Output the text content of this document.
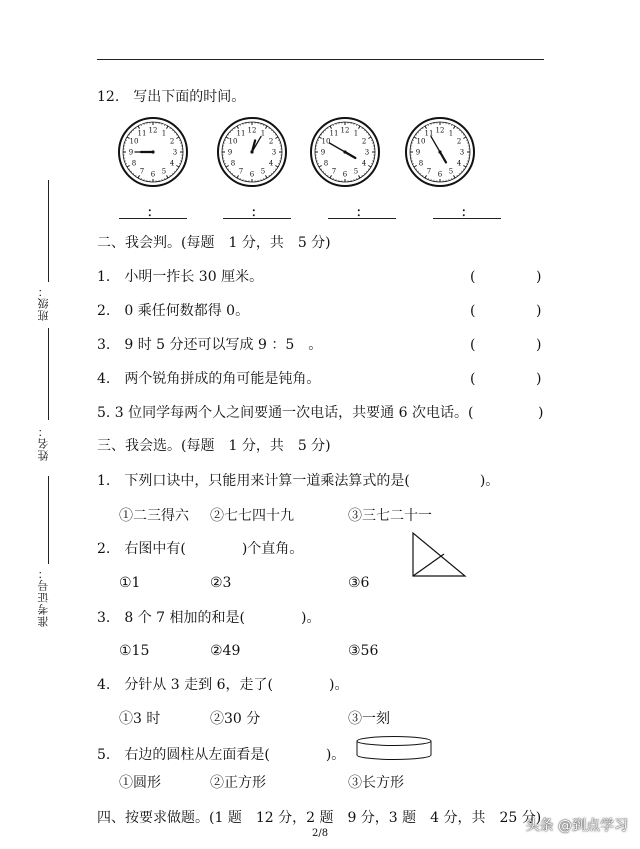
12.　写出下面的时间。
12 1
2
3
4
5
6
7
8
9
10
11	12 1
2
3
4
5
6
7
8
9
10
11	12 1
2
3
4
5
6
7
8
9
10
11	12 1
2
3
4
5
6
7
8
9
10
11
：	：	：	：
班级：
姓名：
准考证号：
二、我会判。(每题　1 分，共　5 分)
1.　小明一拃长 30 厘米。	(	)
2.　0 乘任何数都得 0。	(	)
3.　9 时 5 分还可以写成 9 ：5　。	(	)
4.　两个锐角拼成的角可能是钝角。	(	)
5. 3 位同学每两个人之间要通一次电话，共要通 6 次电话。(	)
三、我会选。(每题　1 分，共　5 分)
1.　下列口诀中，只能用来计算一道乘法算式的是(　　　　　)。
①二三得六 ②七七四十九	③三七二十一
2.　右图中有(　　　　)个直角。
①1	②3	③6
3.　8 个 7 相加的和是(　　　　)。
①15	②49	③56
4.　分针从 3 走到 6，走了(　　　　)。
①3 时	②30 分	③一刻
5.　右边的圆柱从左面看是(　　　　)。
①圆形	②正方形	③长方形
四、按要求做题。(1 题　12 分，2 题　9 分，3 题　4 分，共　25 分)
2/8	头条 @到点学习
